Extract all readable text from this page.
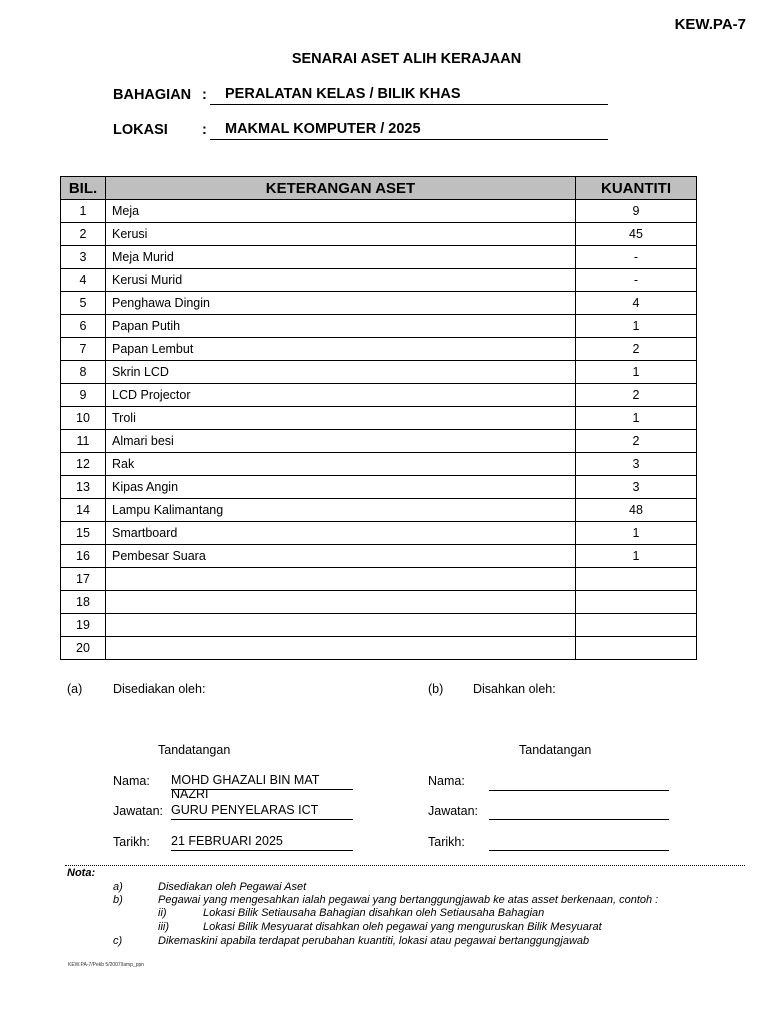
KEW.PA-7
SENARAI ASET ALIH KERAJAAN
BAHAGIAN :	PERALATAN KELAS / BILIK KHAS
LOKASI :	MAKMAL KOMPUTER / 2025
BIL.	KETERANGAN ASET	KUANTITI
1	Meja	9
2	Kerusi	45
3	Meja Murid	-
4	Kerusi Murid	-
5	Penghawa Dingin	4
6	Papan Putih	1
7	Papan Lembut	2
8	Skrin LCD	1
9	LCD Projector	2
10	Troli	1
11	Almari besi	2
12	Rak	3
13	Kipas Angin	3
14	Lampu Kalimantang	48
15	Smartboard	1
16	Pembesar Suara	1
17		
18		
19		
20		
(a) Disediakan oleh:
Tandatangan
Nama: MOHD GHAZALI BIN MAT NAZRI
Jawatan: GURU PENYELARAS ICT
Tarikh: 21 FEBRUARI 2025
(b) Disahkan oleh:
Tandatangan
Nama:
Jawatan:
Tarikh:
Nota:
a)	Disediakan oleh Pegawai Aset
b)	Pegawai yang mengesahkan ialah pegawai yang bertanggungjawab ke atas asset berkenaan, contoh :
ii)	Lokasi Bilik Setiausaha Bahagian disahkan oleh Setiausaha Bahagian
iii)	Lokasi Bilik Mesyuarat disahkan oleh pegawai yang menguruskan Bilik Mesyuarat
c)	Dikemaskini apabila terdapat perubahan kuantiti, lokasi atau pegawai bertanggungjawab
KEW.PA-7/Pekb 5/2007/lamp_ppn
